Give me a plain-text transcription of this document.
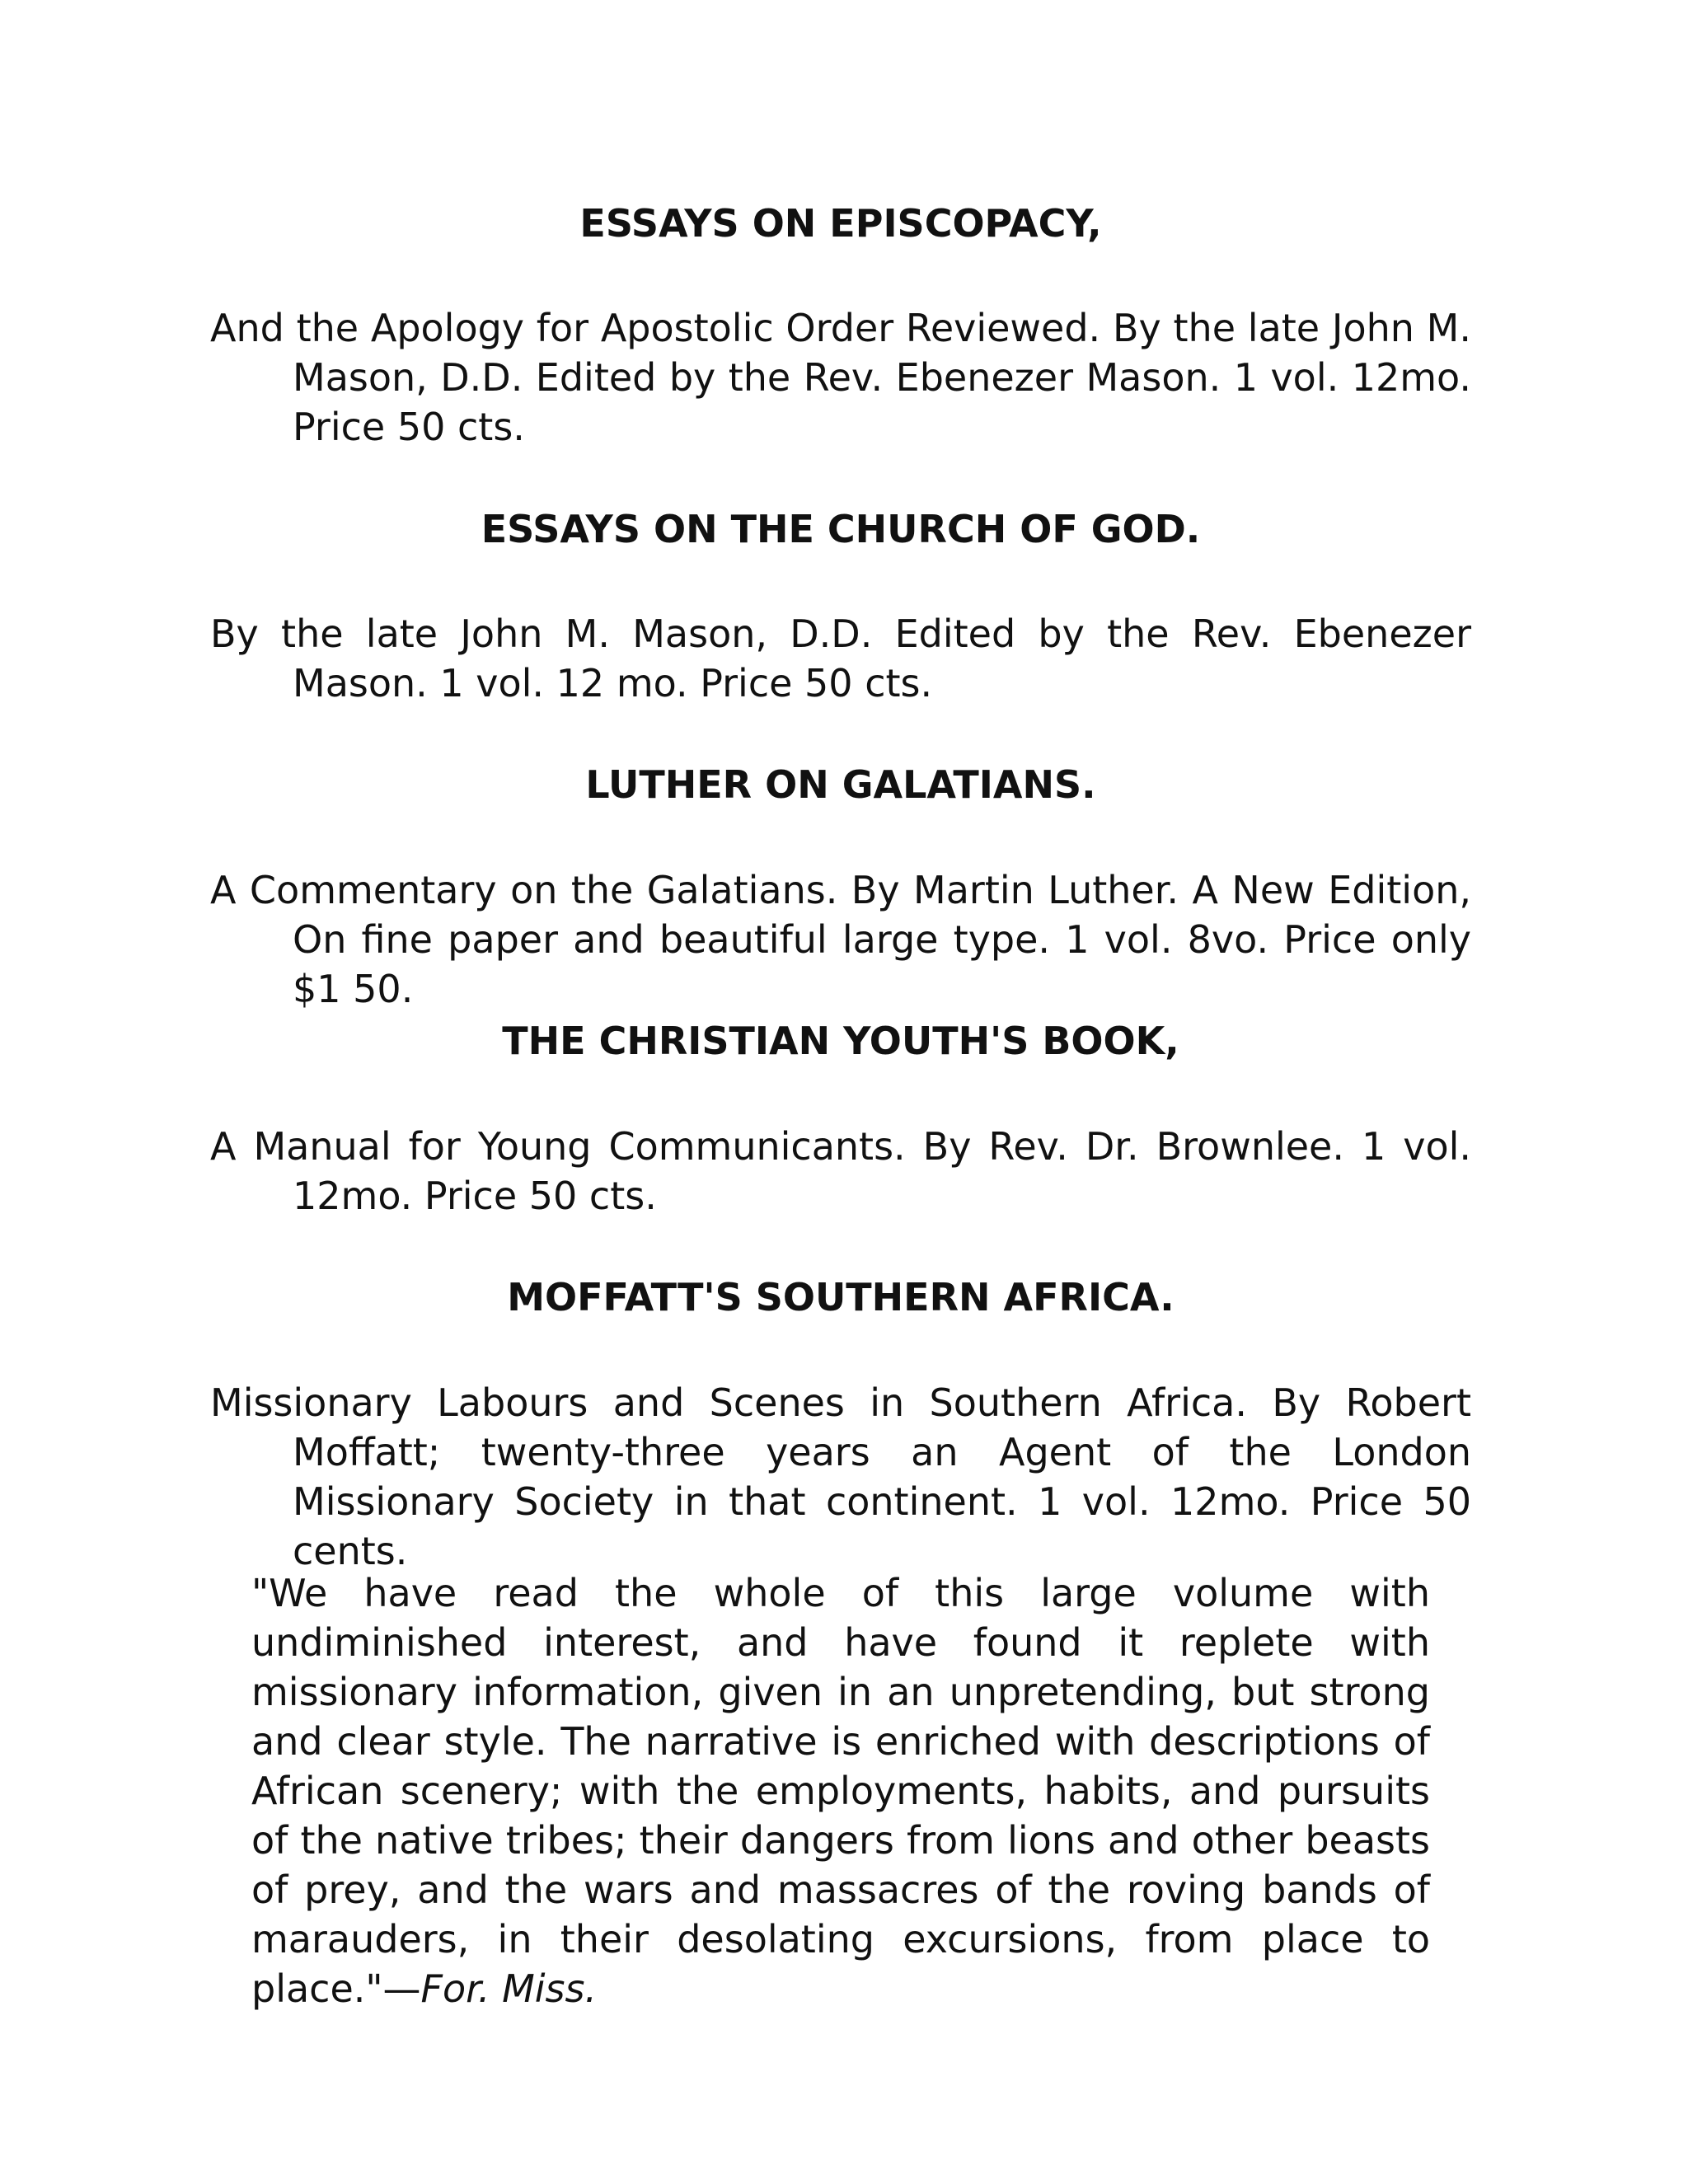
ESSAYS ON EPISCOPACY,

And the Apology for Apostolic Order Reviewed. By the late John M. Mason, D.D. Edited by the Rev. Ebenezer Mason. 1 vol. 12mo. Price 50 cts.

ESSAYS ON THE CHURCH OF GOD.

By the late John M. Mason, D.D. Edited by the Rev. Ebenezer Mason. 1 vol. 12 mo. Price 50 cts.

LUTHER ON GALATIANS.

A Commentary on the Galatians. By Martin Luther. A New Edition, On fine paper and beautiful large type. 1 vol. 8vo. Price only $1 50.

THE CHRISTIAN YOUTH'S BOOK,

A Manual for Young Communicants. By Rev. Dr. Brownlee. 1 vol. 12mo. Price 50 cts.

MOFFATT'S SOUTHERN AFRICA.

Missionary Labours and Scenes in Southern Africa. By Robert Moffatt; twenty-three years an Agent of the London Missionary Society in that continent. 1 vol. 12mo. Price 50 cents.

"We have read the whole of this large volume with undiminished interest, and have found it replete with missionary information, given in an unpretending, but strong and clear style. The narrative is enriched with descriptions of African scenery; with the employments, habits, and pursuits of the native tribes; their dangers from lions and other beasts of prey, and the wars and massacres of the roving bands of marauders, in their desolating excursions, from place to place."—For. Miss.
